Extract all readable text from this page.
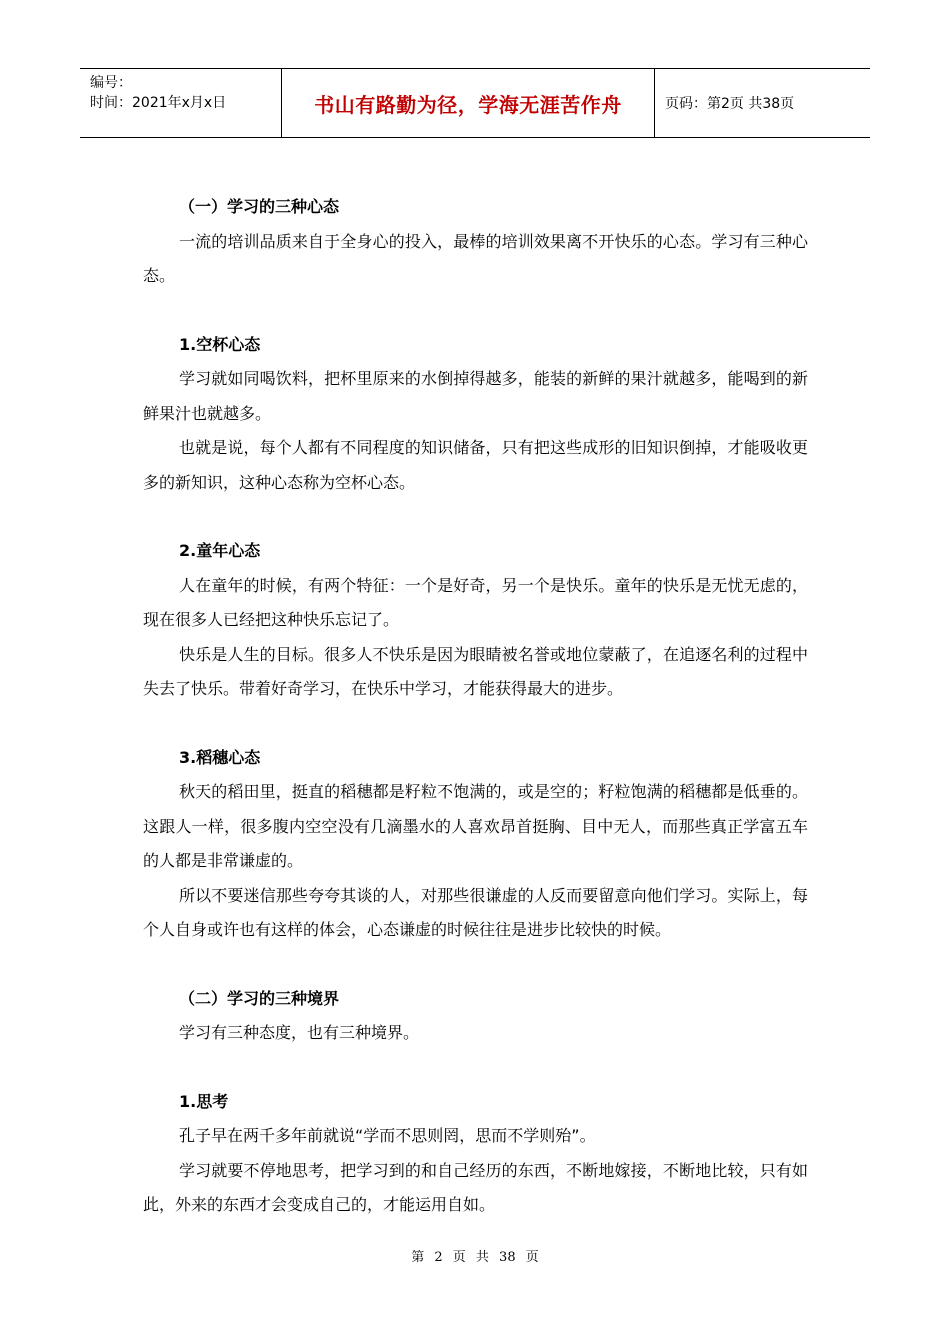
编号：
时间：2021年x月x日	书山有路勤为径，学海无涯苦作舟	页码：第2页 共38页

（一）学习的三种心态

一流的培训品质来自于全身心的投入，最棒的培训效果离不开快乐的心态。学习有三种心态。

1.空杯心态

学习就如同喝饮料，把杯里原来的水倒掉得越多，能装的新鲜的果汁就越多，能喝到的新鲜果汁也就越多。

也就是说，每个人都有不同程度的知识储备，只有把这些成形的旧知识倒掉，才能吸收更多的新知识，这种心态称为空杯心态。

2.童年心态

人在童年的时候，有两个特征：一个是好奇，另一个是快乐。童年的快乐是无忧无虑的，现在很多人已经把这种快乐忘记了。

快乐是人生的目标。很多人不快乐是因为眼睛被名誉或地位蒙蔽了，在追逐名利的过程中失去了快乐。带着好奇学习，在快乐中学习，才能获得最大的进步。

3.稻穗心态

秋天的稻田里，挺直的稻穗都是籽粒不饱满的，或是空的；籽粒饱满的稻穗都是低垂的。这跟人一样，很多腹内空空没有几滴墨水的人喜欢昂首挺胸、目中无人，而那些真正学富五车的人都是非常谦虚的。

所以不要迷信那些夸夸其谈的人，对那些很谦虚的人反而要留意向他们学习。实际上，每个人自身或许也有这样的体会，心态谦虚的时候往往是进步比较快的时候。

（二）学习的三种境界

学习有三种态度，也有三种境界。

1.思考

孔子早在两千多年前就说“学而不思则罔，思而不学则殆”。

学习就要不停地思考，把学习到的和自己经历的东西，不断地嫁接，不断地比较，只有如此，外来的东西才会变成自己的，才能运用自如。

第 2 页 共 38 页
